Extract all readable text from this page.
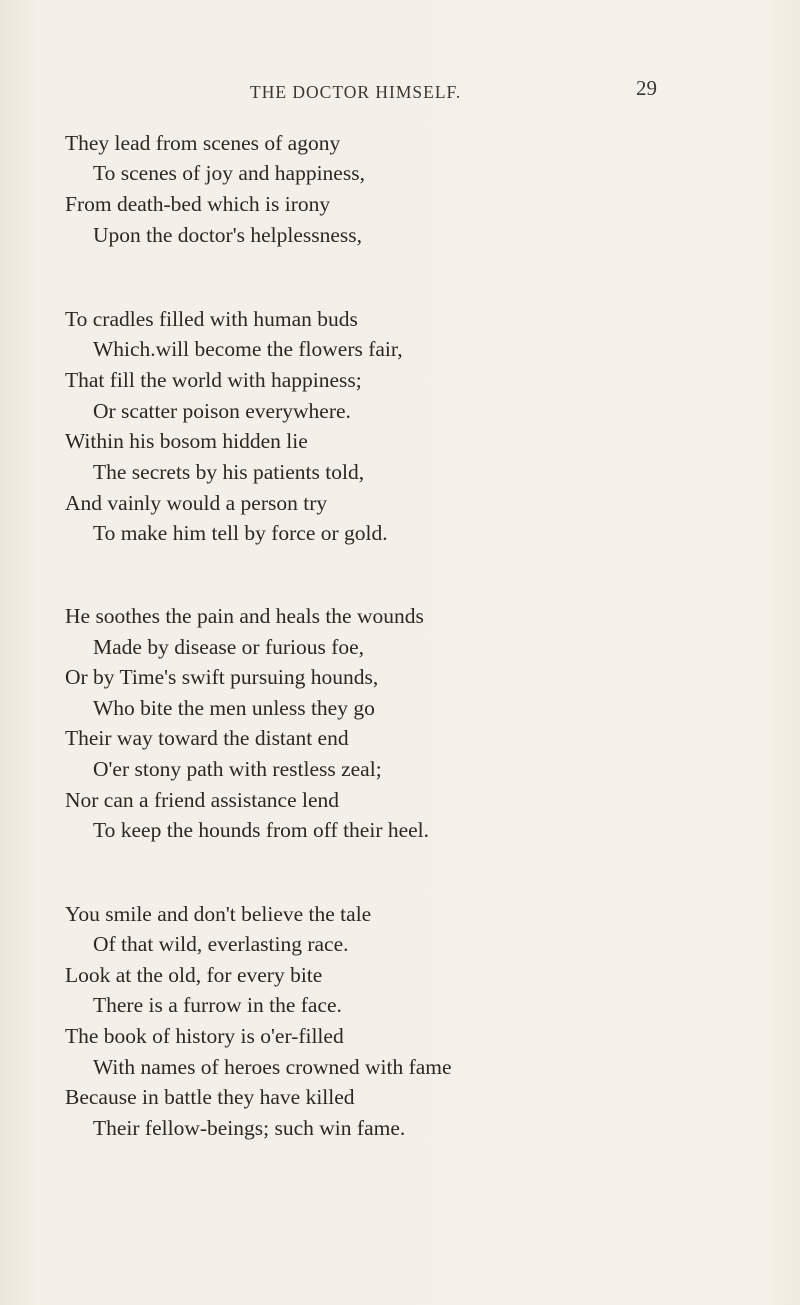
THE DOCTOR HIMSELF.	29
They lead from scenes of agony
To scenes of joy and happiness,
From death-bed which is irony
Upon the doctor's helplessness,
To cradles filled with human buds
Which.will become the flowers fair,
That fill the world with happiness;
Or scatter poison everywhere.
Within his bosom hidden lie
The secrets by his patients told,
And vainly would a person try
To make him tell by force or gold.
He soothes the pain and heals the wounds
Made by disease or furious foe,
Or by Time's swift pursuing hounds,
Who bite the men unless they go
Their way toward the distant end
O'er stony path with restless zeal;
Nor can a friend assistance lend
To keep the hounds from off their heel.
You smile and don't believe the tale
Of that wild, everlasting race.
Look at the old, for every bite
There is a furrow in the face.
The book of history is o'er-filled
With names of heroes crowned with fame
Because in battle they have killed
Their fellow-beings; such win fame.
